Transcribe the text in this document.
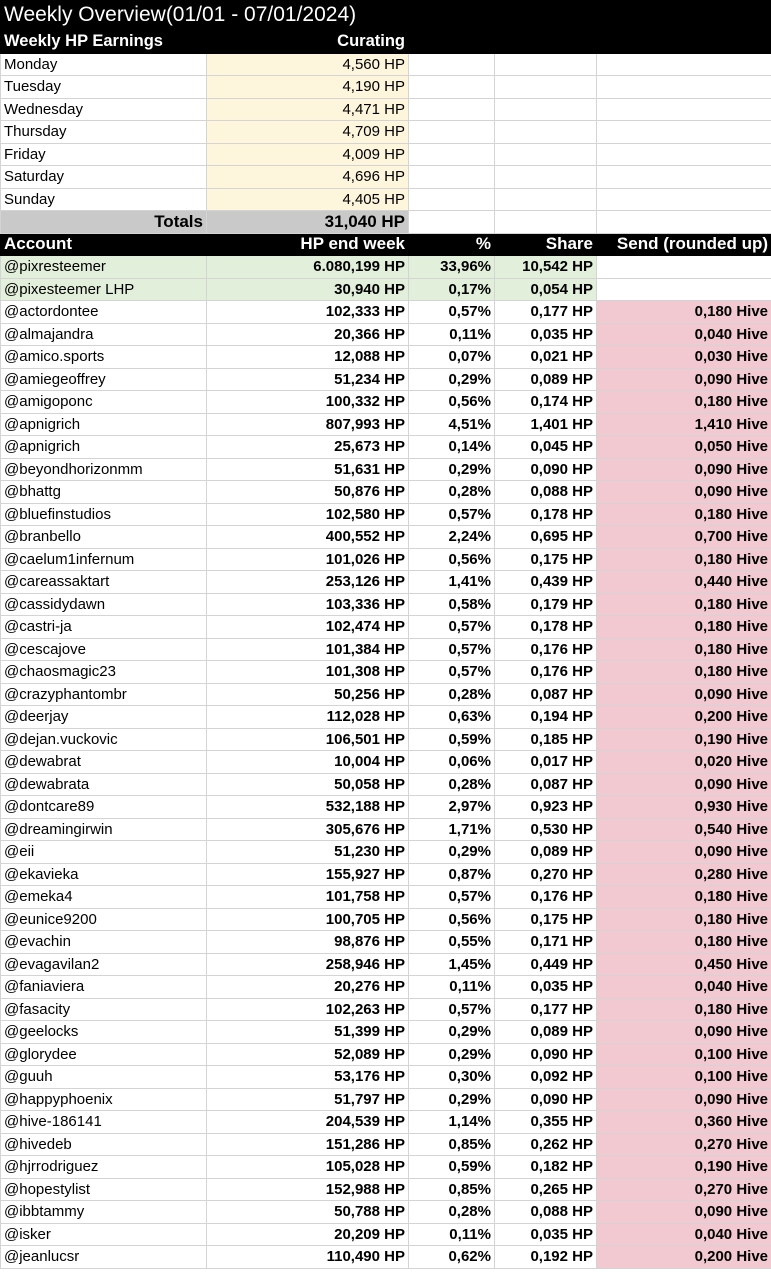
Weekly Overview(01/01 - 07/01/2024)
Weekly HP Earnings	Curating			
Monday	4,560 HP			
Tuesday	4,190 HP			
Wednesday	4,471 HP			
Thursday	4,709 HP			
Friday	4,009 HP			
Saturday	4,696 HP			
Sunday	4,405 HP			
Totals	31,040 HP			
Account	HP end week	%	Share	Send (rounded up)
@pixresteemer	6.080,199 HP	33,96%	10,542 HP	
@pixesteemer LHP	30,940 HP	0,17%	0,054 HP	
@actordontee	102,333 HP	0,57%	0,177 HP	0,180 Hive
@almajandra	20,366 HP	0,11%	0,035 HP	0,040 Hive
@amico.sports	12,088 HP	0,07%	0,021 HP	0,030 Hive
@amiegeoffrey	51,234 HP	0,29%	0,089 HP	0,090 Hive
@amigoponc	100,332 HP	0,56%	0,174 HP	0,180 Hive
@apnigrich	807,993 HP	4,51%	1,401 HP	1,410 Hive
@apnigrich	25,673 HP	0,14%	0,045 HP	0,050 Hive
@beyondhorizonmm	51,631 HP	0,29%	0,090 HP	0,090 Hive
@bhattg	50,876 HP	0,28%	0,088 HP	0,090 Hive
@bluefinstudios	102,580 HP	0,57%	0,178 HP	0,180 Hive
@branbello	400,552 HP	2,24%	0,695 HP	0,700 Hive
@caelum1infernum	101,026 HP	0,56%	0,175 HP	0,180 Hive
@careassaktart	253,126 HP	1,41%	0,439 HP	0,440 Hive
@cassidydawn	103,336 HP	0,58%	0,179 HP	0,180 Hive
@castri-ja	102,474 HP	0,57%	0,178 HP	0,180 Hive
@cescajove	101,384 HP	0,57%	0,176 HP	0,180 Hive
@chaosmagic23	101,308 HP	0,57%	0,176 HP	0,180 Hive
@crazyphantombr	50,256 HP	0,28%	0,087 HP	0,090 Hive
@deerjay	112,028 HP	0,63%	0,194 HP	0,200 Hive
@dejan.vuckovic	106,501 HP	0,59%	0,185 HP	0,190 Hive
@dewabrat	10,004 HP	0,06%	0,017 HP	0,020 Hive
@dewabrata	50,058 HP	0,28%	0,087 HP	0,090 Hive
@dontcare89	532,188 HP	2,97%	0,923 HP	0,930 Hive
@dreamingirwin	305,676 HP	1,71%	0,530 HP	0,540 Hive
@eii	51,230 HP	0,29%	0,089 HP	0,090 Hive
@ekavieka	155,927 HP	0,87%	0,270 HP	0,280 Hive
@emeka4	101,758 HP	0,57%	0,176 HP	0,180 Hive
@eunice9200	100,705 HP	0,56%	0,175 HP	0,180 Hive
@evachin	98,876 HP	0,55%	0,171 HP	0,180 Hive
@evagavilan2	258,946 HP	1,45%	0,449 HP	0,450 Hive
@faniaviera	20,276 HP	0,11%	0,035 HP	0,040 Hive
@fasacity	102,263 HP	0,57%	0,177 HP	0,180 Hive
@geelocks	51,399 HP	0,29%	0,089 HP	0,090 Hive
@glorydee	52,089 HP	0,29%	0,090 HP	0,100 Hive
@guuh	53,176 HP	0,30%	0,092 HP	0,100 Hive
@happyphoenix	51,797 HP	0,29%	0,090 HP	0,090 Hive
@hive-186141	204,539 HP	1,14%	0,355 HP	0,360 Hive
@hivedeb	151,286 HP	0,85%	0,262 HP	0,270 Hive
@hjrrodriguez	105,028 HP	0,59%	0,182 HP	0,190 Hive
@hopestylist	152,988 HP	0,85%	0,265 HP	0,270 Hive
@ibbtammy	50,788 HP	0,28%	0,088 HP	0,090 Hive
@isker	20,209 HP	0,11%	0,035 HP	0,040 Hive
@jeanlucsr	110,490 HP	0,62%	0,192 HP	0,200 Hive
